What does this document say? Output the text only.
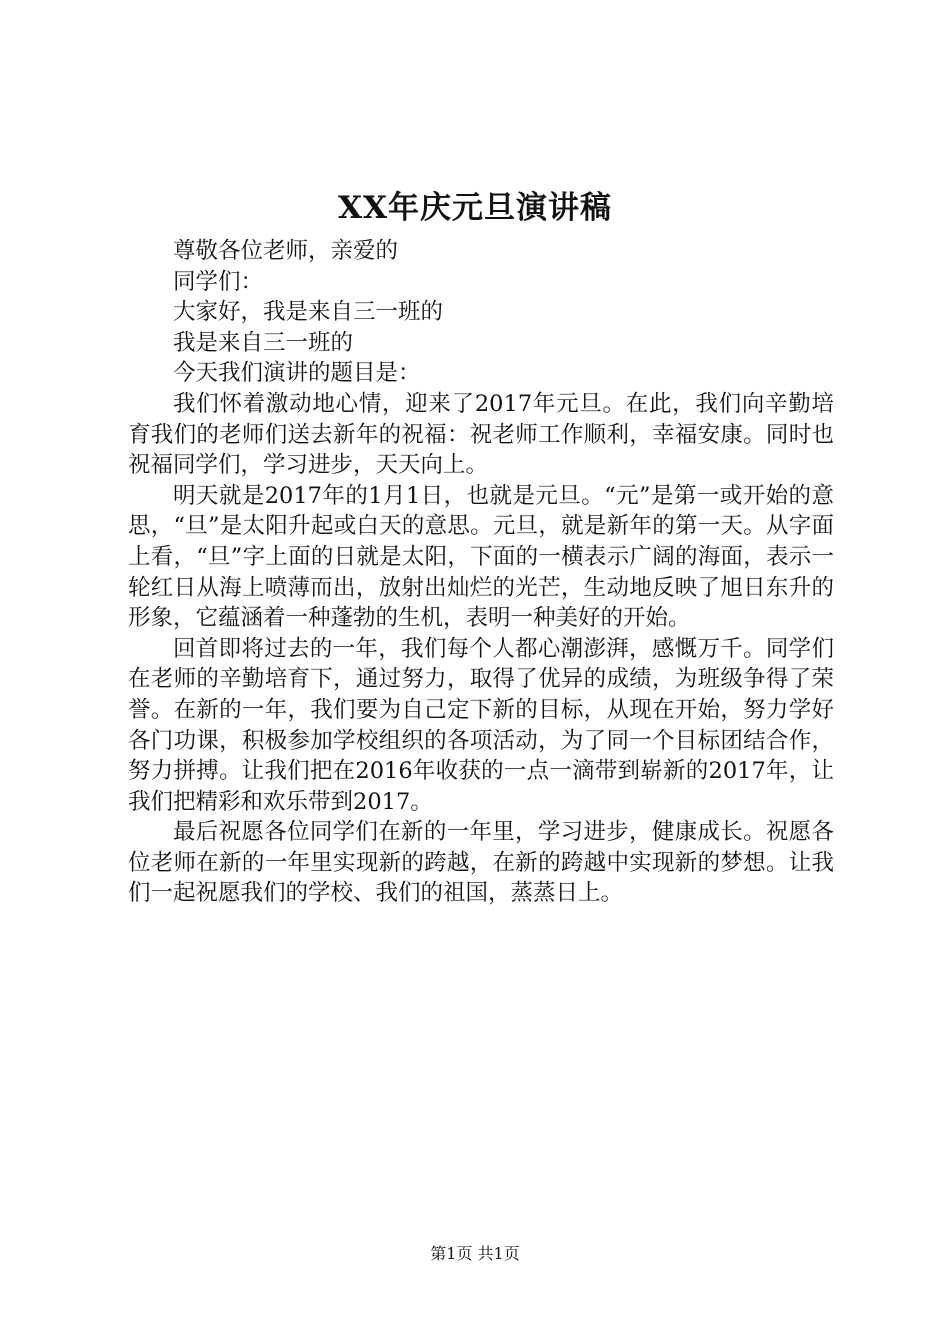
XX年庆元旦演讲稿

尊敬各位老师，亲爱的

同学们：

大家好，我是来自三一班的

我是来自三一班的

今天我们演讲的题目是：

我们怀着激动地心情，迎来了2017年元旦。在此，我们向辛勤培育我们的老师们送去新年的祝福：祝老师工作顺利，幸福安康。同时也祝福同学们，学习进步，天天向上。

明天就是2017年的1月1日，也就是元旦。“元”是第一或开始的意思，“旦”是太阳升起或白天的意思。元旦，就是新年的第一天。从字面上看，“旦”字上面的日就是太阳，下面的一横表示广阔的海面，表示一轮红日从海上喷薄而出，放射出灿烂的光芒，生动地反映了旭日东升的形象，它蕴涵着一种蓬勃的生机，表明一种美好的开始。

回首即将过去的一年，我们每个人都心潮澎湃，感慨万千。同学们在老师的辛勤培育下，通过努力，取得了优异的成绩，为班级争得了荣誉。在新的一年，我们要为自己定下新的目标，从现在开始，努力学好各门功课，积极参加学校组织的各项活动，为了同一个目标团结合作，努力拼搏。让我们把在2016年收获的一点一滴带到崭新的2017年，让我们把精彩和欢乐带到2017。

最后祝愿各位同学们在新的一年里，学习进步，健康成长。祝愿各位老师在新的一年里实现新的跨越，在新的跨越中实现新的梦想。让我们一起祝愿我们的学校、我们的祖国，蒸蒸日上。

第1页 共1页
